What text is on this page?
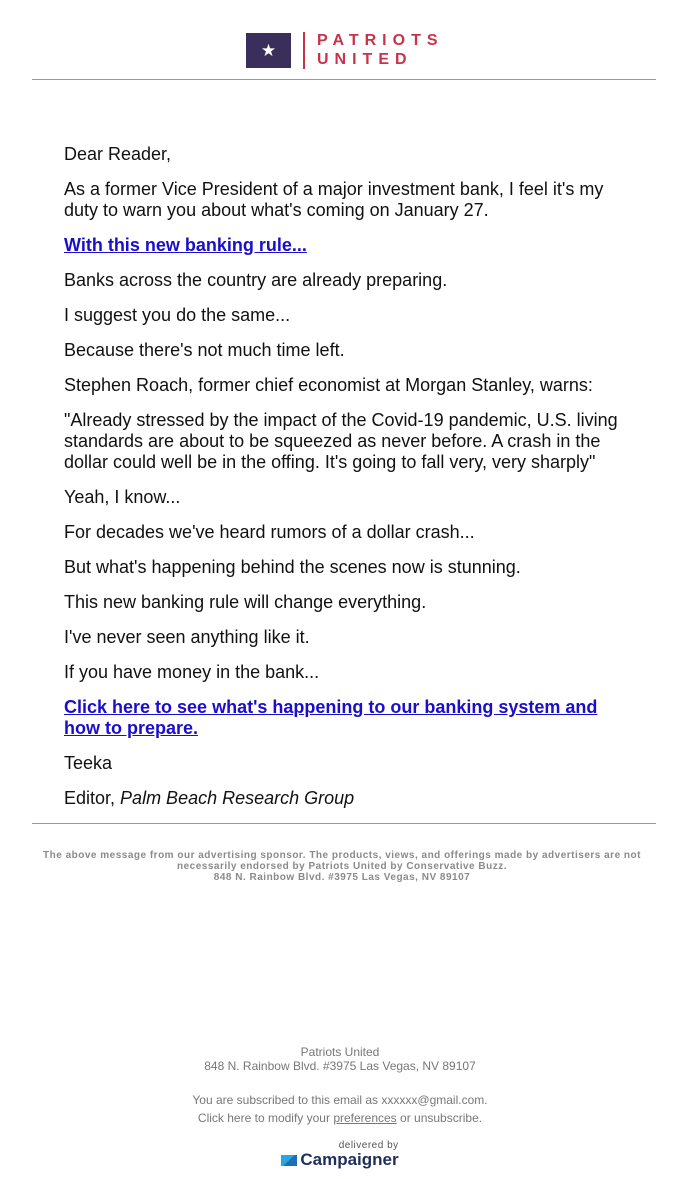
★	PATRIOTS
UNITED

Dear Reader,

As a former Vice President of a major investment bank, I feel it's my duty to warn you about what's coming on January 27.

With this new banking rule...

Banks across the country are already preparing.

I suggest you do the same...

Because there's not much time left.

Stephen Roach, former chief economist at Morgan Stanley, warns:

"Already stressed by the impact of the Covid-19 pandemic, U.S. living standards are about to be squeezed as never before. A crash in the dollar could well be in the offing. It's going to fall very, very sharply"

Yeah, I know...

For decades we've heard rumors of a dollar crash...

But what's happening behind the scenes now is stunning.

This new banking rule will change everything.

I've never seen anything like it.

If you have money in the bank...

Click here to see what's happening to our banking system and how to prepare.

Teeka

Editor, Palm Beach Research Group

The above message from our advertising sponsor. The products, views, and offerings made by advertisers are not necessarily endorsed by Patriots United by Conservative Buzz.
848 N. Rainbow Blvd. #3975 Las Vegas, NV 89107
Patriots United
848 N. Rainbow Blvd. #3975 Las Vegas, NV 89107
You are subscribed to this email as xxxxxx@gmail.com.
Click here to modify your preferences or unsubscribe.
delivered by
Campaigner
